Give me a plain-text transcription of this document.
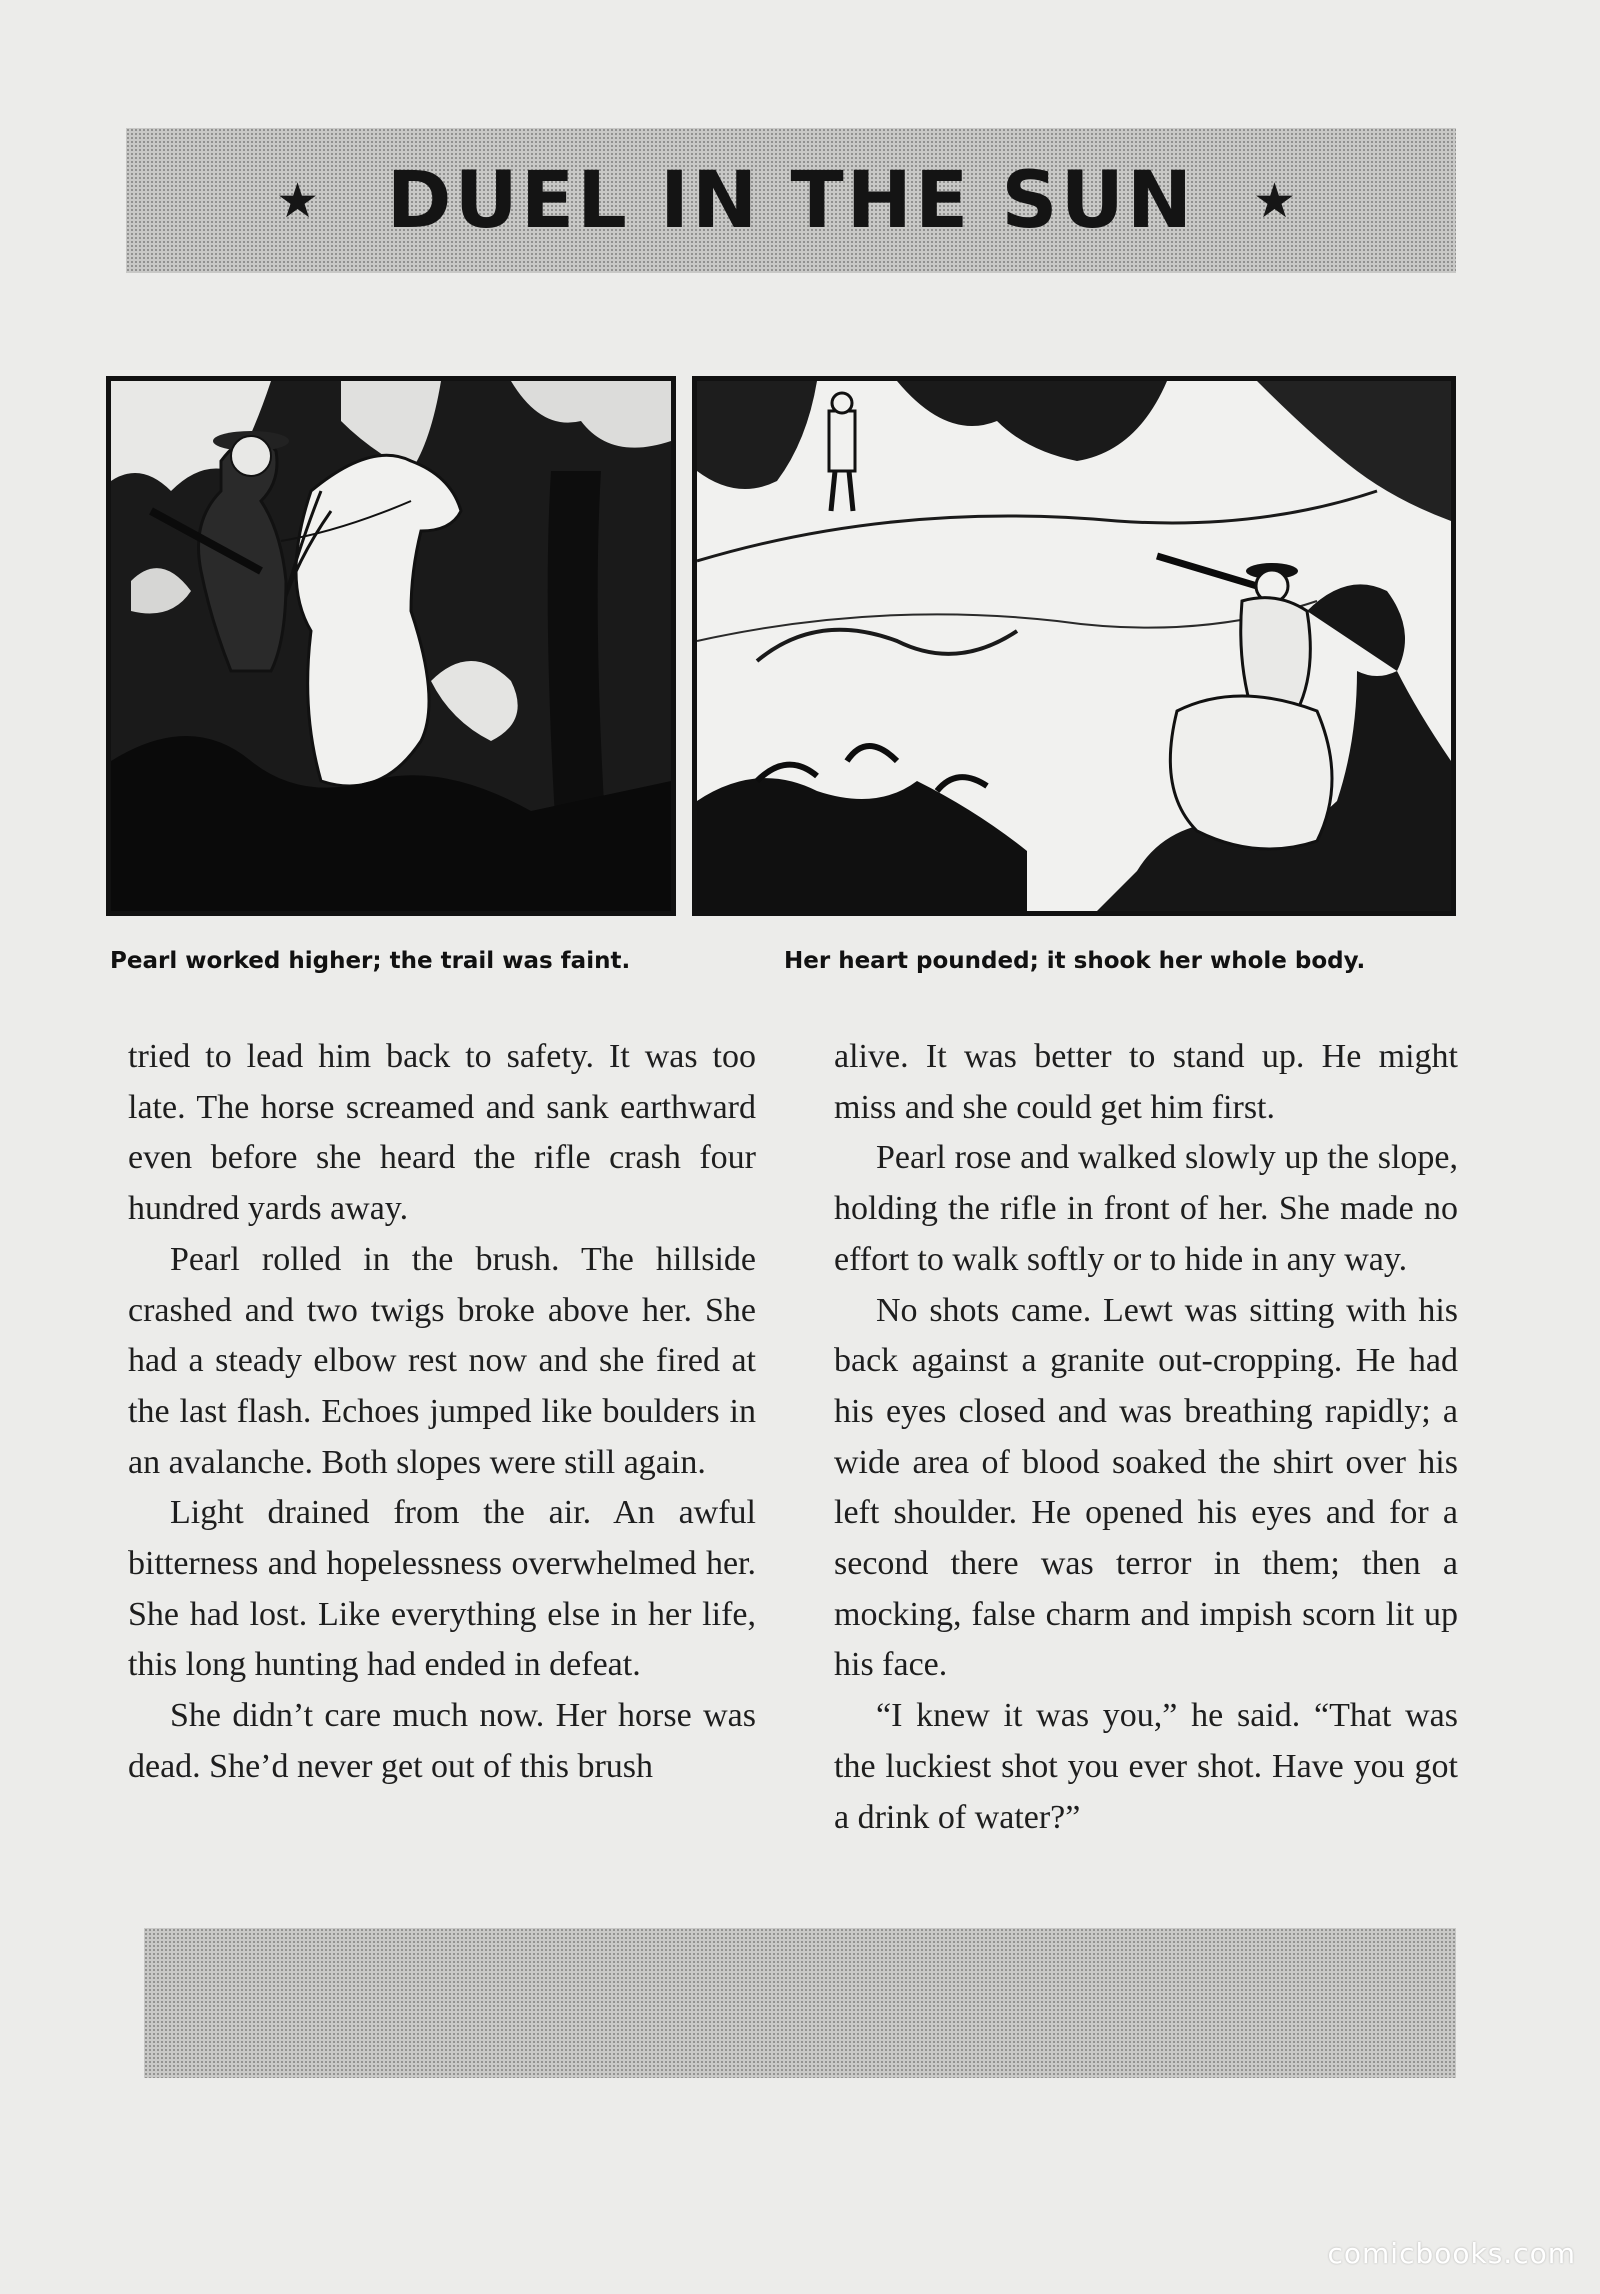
★ DUEL IN THE SUN ★
Pearl worked higher; the trail was faint.	Her heart pounded; it shook her whole body.

tried to lead him back to safety. It was too late. The horse screamed and sank earthward even before she heard the rifle crash four hundred yards away.

Pearl rolled in the brush. The hillside crashed and two twigs broke above her. She had a steady elbow rest now and she fired at the last flash. Echoes jumped like boulders in an avalanche. Both slopes were still again.

Light drained from the air. An awful bitterness and hopelessness overwhelmed her. She had lost. Like everything else in her life, this long hunting had ended in defeat.

She didn’t care much now. Her horse was dead. She’d never get out of this brush

alive. It was better to stand up. He might miss and she could get him first.

Pearl rose and walked slowly up the slope, holding the rifle in front of her. She made no effort to walk softly or to hide in any way.

No shots came. Lewt was sitting with his back against a granite out-cropping. He had his eyes closed and was breathing rapidly; a wide area of blood soaked the shirt over his left shoulder. He opened his eyes and for a second there was terror in them; then a mocking, false charm and impish scorn lit up his face.

“I knew it was you,” he said. “That was the luckiest shot you ever shot. Have you got a drink of water?”

comicbooks.com
